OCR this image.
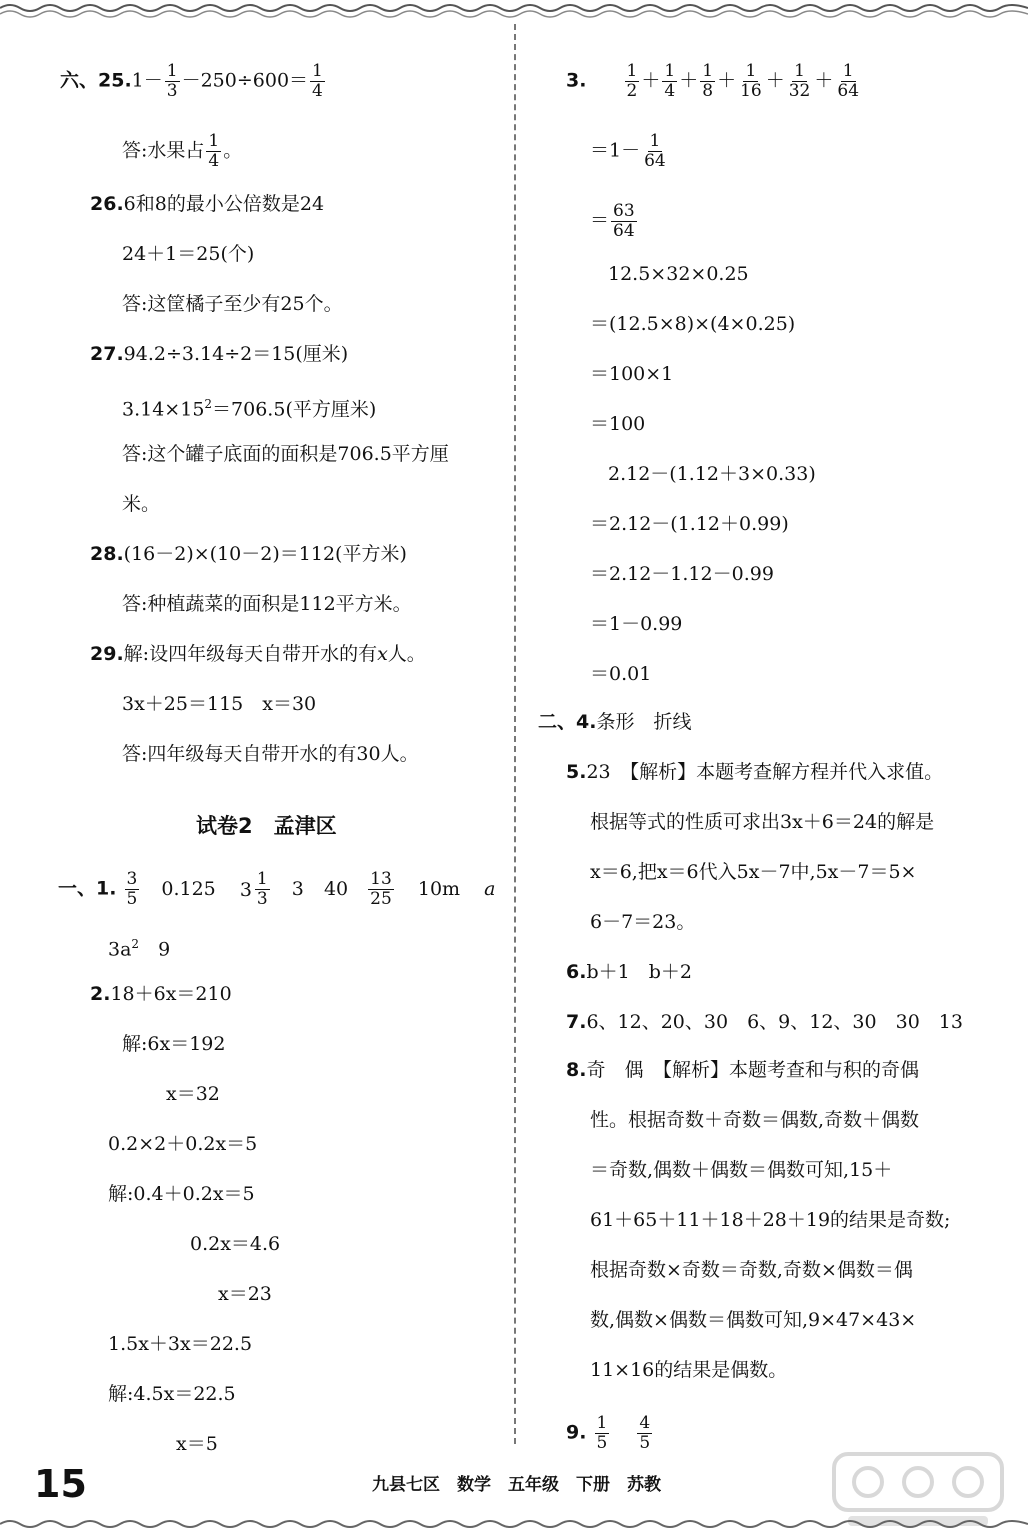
六、$25.1- \frac{1}{3} -250\div 600= \frac{1}{4}$
答:水果占 $\frac{1}{4}$ 。
26.6和8的最小公倍数是24
24＋1＝25(个)
答:这筐橘子至少有25个。
27.94.2÷3.14÷2＝15(厘米)
$3.14\times 15^2=706.5$(平方厘米)
答:这个罐子底面的面积是706.5平方厘
米。
28.(16－2)×(10－2)＝112(平方米)
答:种植蔬菜的面积是112平方米。
29.解:设四年级每天自带开水的有x人。
3x＋25＝115　x＝30
答:四年级每天自带开水的有30人。
试卷2　孟津区
一、1. $\frac{3}{5} 0.125$ $3 \frac{1}{3} 3$ $40 \frac{13}{25} 10m$ a
$3a^2$　9
2.18＋6x＝210
解:6x＝192
x＝32
0.2×2＋0.2x＝5
解:0.4＋0.2x＝5
0.2x＝4.6
x＝23
1.5x＋3x＝22.5
解:4.5x＝22.5
x＝5
3. $\frac{1}{2} + \frac{1}{4} + \frac{1}{8} + \frac{1}{16} + \frac{1}{32} + \frac{1}{64}$
$=1- \frac{1}{64}$
＝ $\frac{63}{64}$
12.5×32×0.25
＝(12.5×8)×(4×0.25)
＝100×1
＝100
2.12－(1.12＋3×0.33)
＝2.12－(1.12＋0.99)
＝2.12－1.12－0.99
＝1－0.99
＝0.01
二、4.条形　折线
5.23　【解析】本题考查解方程并代入求值。
根据等式的性质可求出3x＋6＝24的解是
x＝6,把x＝6代入5x－7中,5x－7＝5×
6－7＝23。
6.b＋1　b＋2
7.6、12、20、30　6、9、12、30　30　13
8.奇　偶　【解析】本题考查和与积的奇偶
性。根据奇数＋奇数＝偶数,奇数＋偶数
＝奇数,偶数＋偶数＝偶数可知,15＋
61＋65＋11＋18＋28＋19的结果是奇数;
根据奇数×奇数＝奇数,奇数×偶数＝偶
数,偶数×偶数＝偶数可知,9×47×43×
11×16的结果是偶数。
9. $\frac{1}{5}$
$\frac{4}{5}$
15	九县七区　数学　五年级　下册　苏教
